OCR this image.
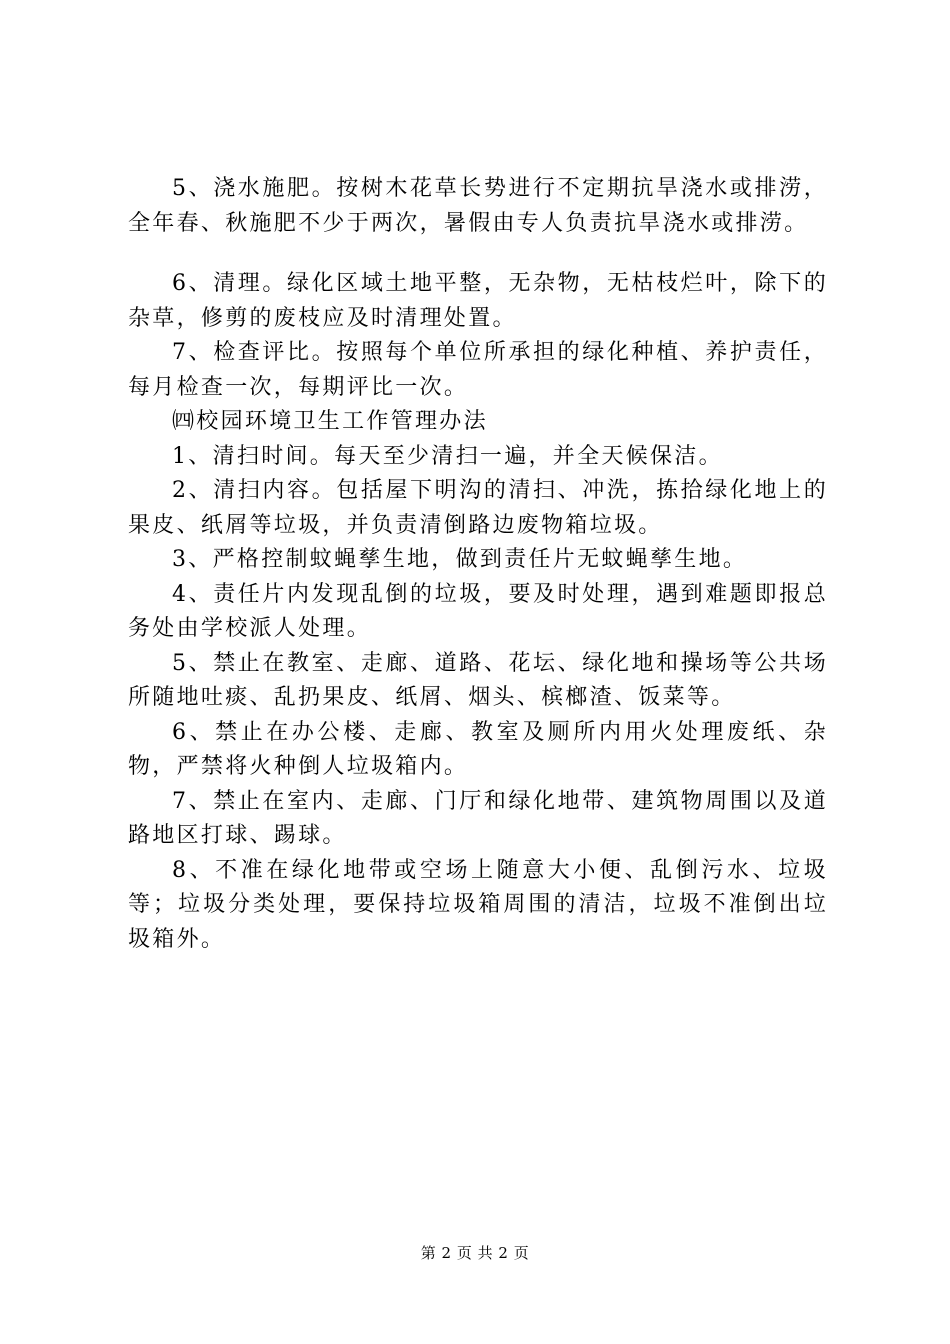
5、浇水施肥。按树木花草长势进行不定期抗旱浇水或排涝，全年春、秋施肥不少于两次，暑假由专人负责抗旱浇水或排涝。

6、清理。绿化区域土地平整，无杂物，无枯枝烂叶，除下的杂草，修剪的废枝应及时清理处置。

7、检查评比。按照每个单位所承担的绿化种植、养护责任，每月检查一次，每期评比一次。

㈣校园环境卫生工作管理办法

1、清扫时间。每天至少清扫一遍，并全天候保洁。

2、清扫内容。包括屋下明沟的清扫、冲洗，拣拾绿化地上的果皮、纸屑等垃圾，并负责清倒路边废物箱垃圾。

3、严格控制蚊蝇孳生地，做到责任片无蚊蝇孳生地。

4、责任片内发现乱倒的垃圾，要及时处理，遇到难题即报总务处由学校派人处理。

5、禁止在教室、走廊、道路、花坛、绿化地和操场等公共场所随地吐痰、乱扔果皮、纸屑、烟头、槟榔渣、饭菜等。

6、禁止在办公楼、走廊、教室及厕所内用火处理废纸、杂物，严禁将火种倒人垃圾箱内。

7、禁止在室内、走廊、门厅和绿化地带、建筑物周围以及道路地区打球、踢球。

8、不准在绿化地带或空场上随意大小便、乱倒污水、垃圾等；垃圾分类处理，要保持垃圾箱周围的清洁，垃圾不准倒出垃圾箱外。

第 2 页 共 2 页
